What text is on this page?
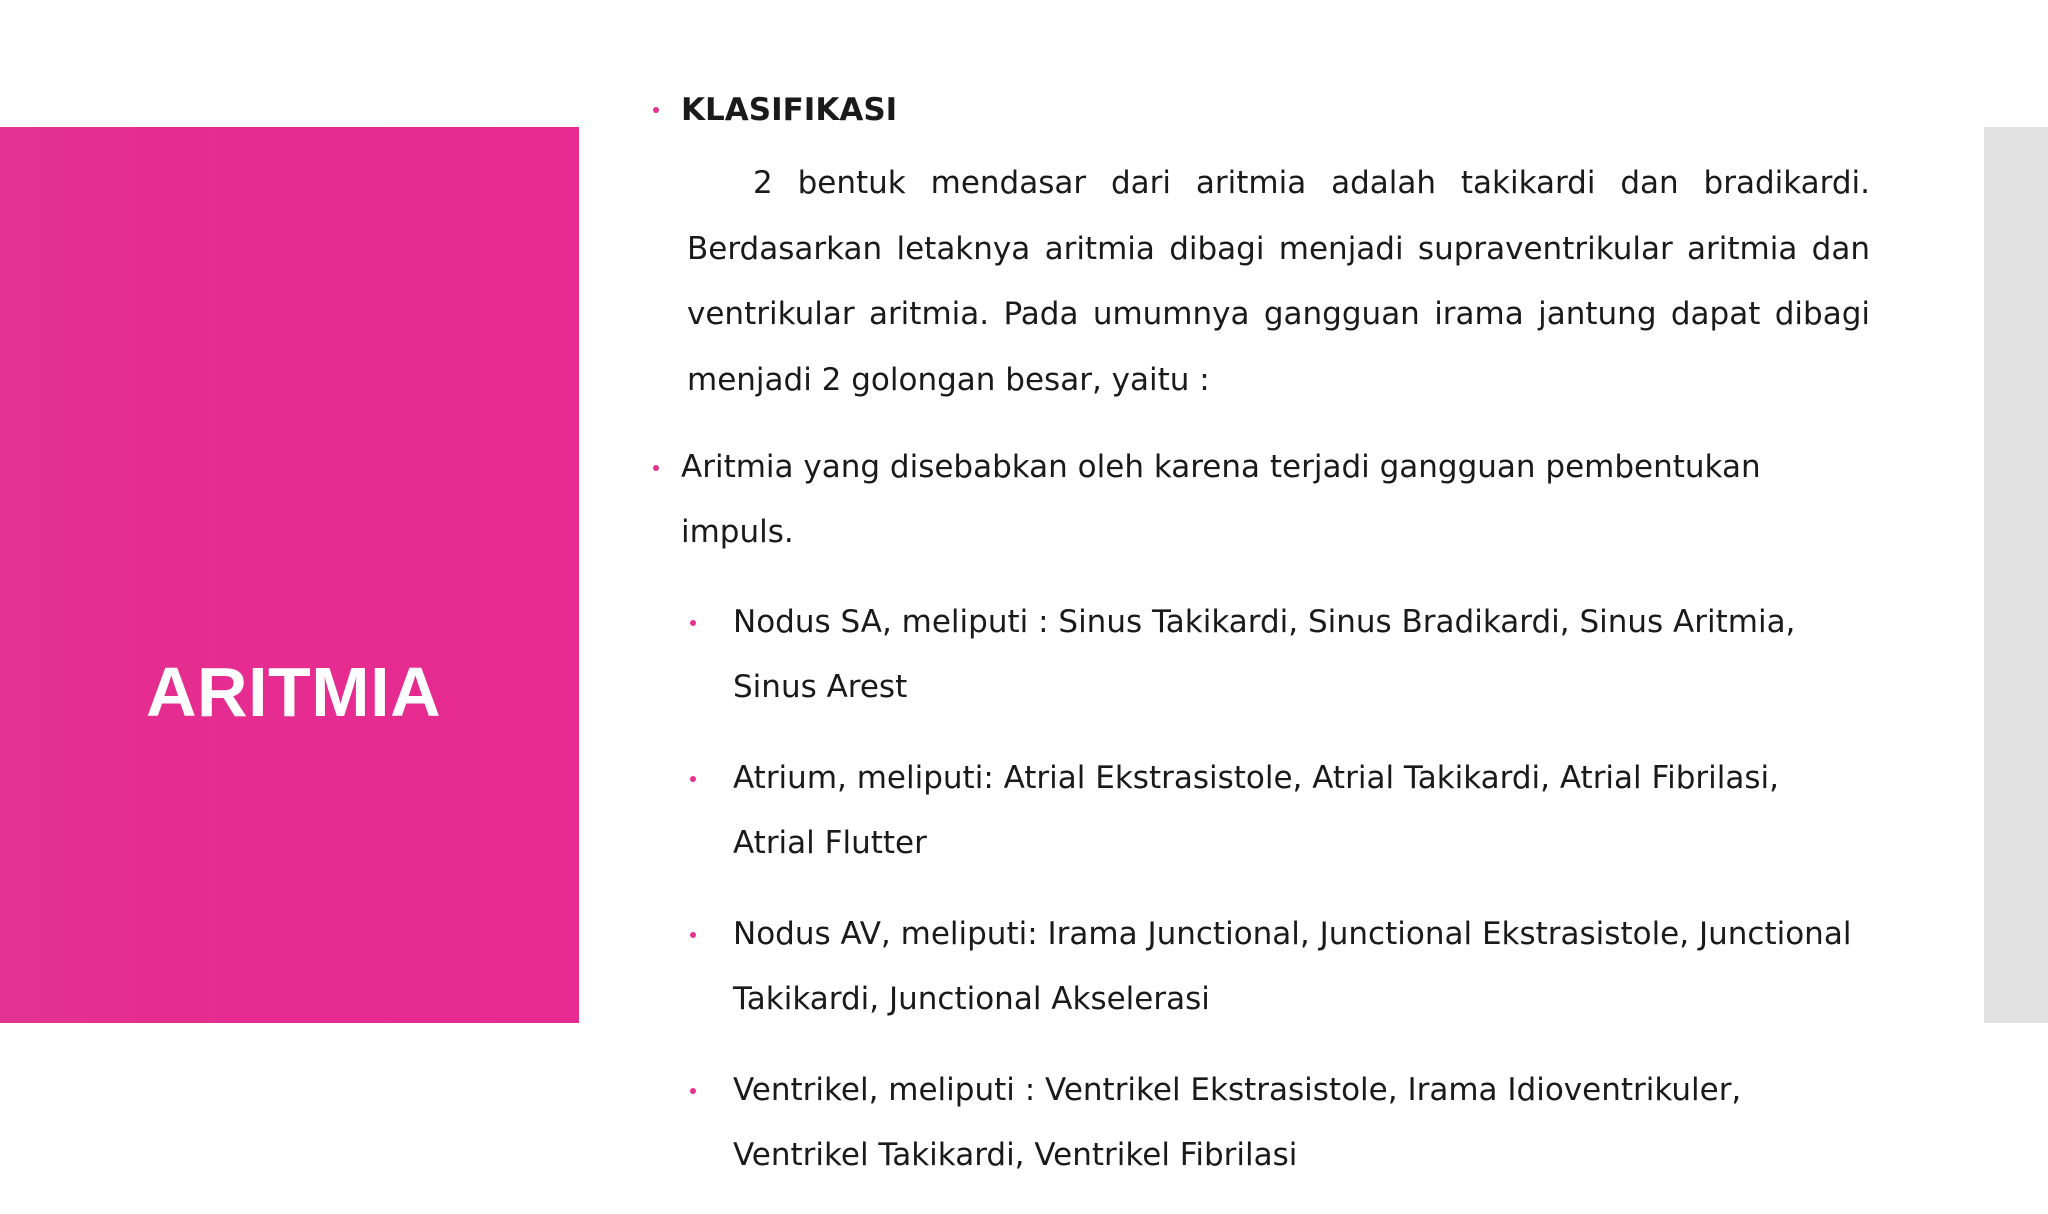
ARITMIA
KLASIFIKASI
2 bentuk mendasar dari aritmia adalah takikardi dan bradikardi. Berdasarkan letaknya aritmia dibagi menjadi supraventrikular aritmia dan ventrikular aritmia. Pada umumnya gangguan irama jantung dapat dibagi menjadi 2 golongan besar, yaitu :
Aritmia yang disebabkan oleh karena terjadi gangguan pembentukan impuls.
Nodus SA, meliputi : Sinus Takikardi, Sinus Bradikardi, Sinus Aritmia, Sinus Arest
Atrium, meliputi: Atrial Ekstrasistole, Atrial Takikardi, Atrial Fibrilasi, Atrial Flutter
Nodus AV, meliputi: Irama Junctional, Junctional Ekstrasistole, Junctional Takikardi, Junctional Akselerasi
Ventrikel, meliputi : Ventrikel Ekstrasistole, Irama Idioventrikuler, Ventrikel Takikardi, Ventrikel Fibrilasi
